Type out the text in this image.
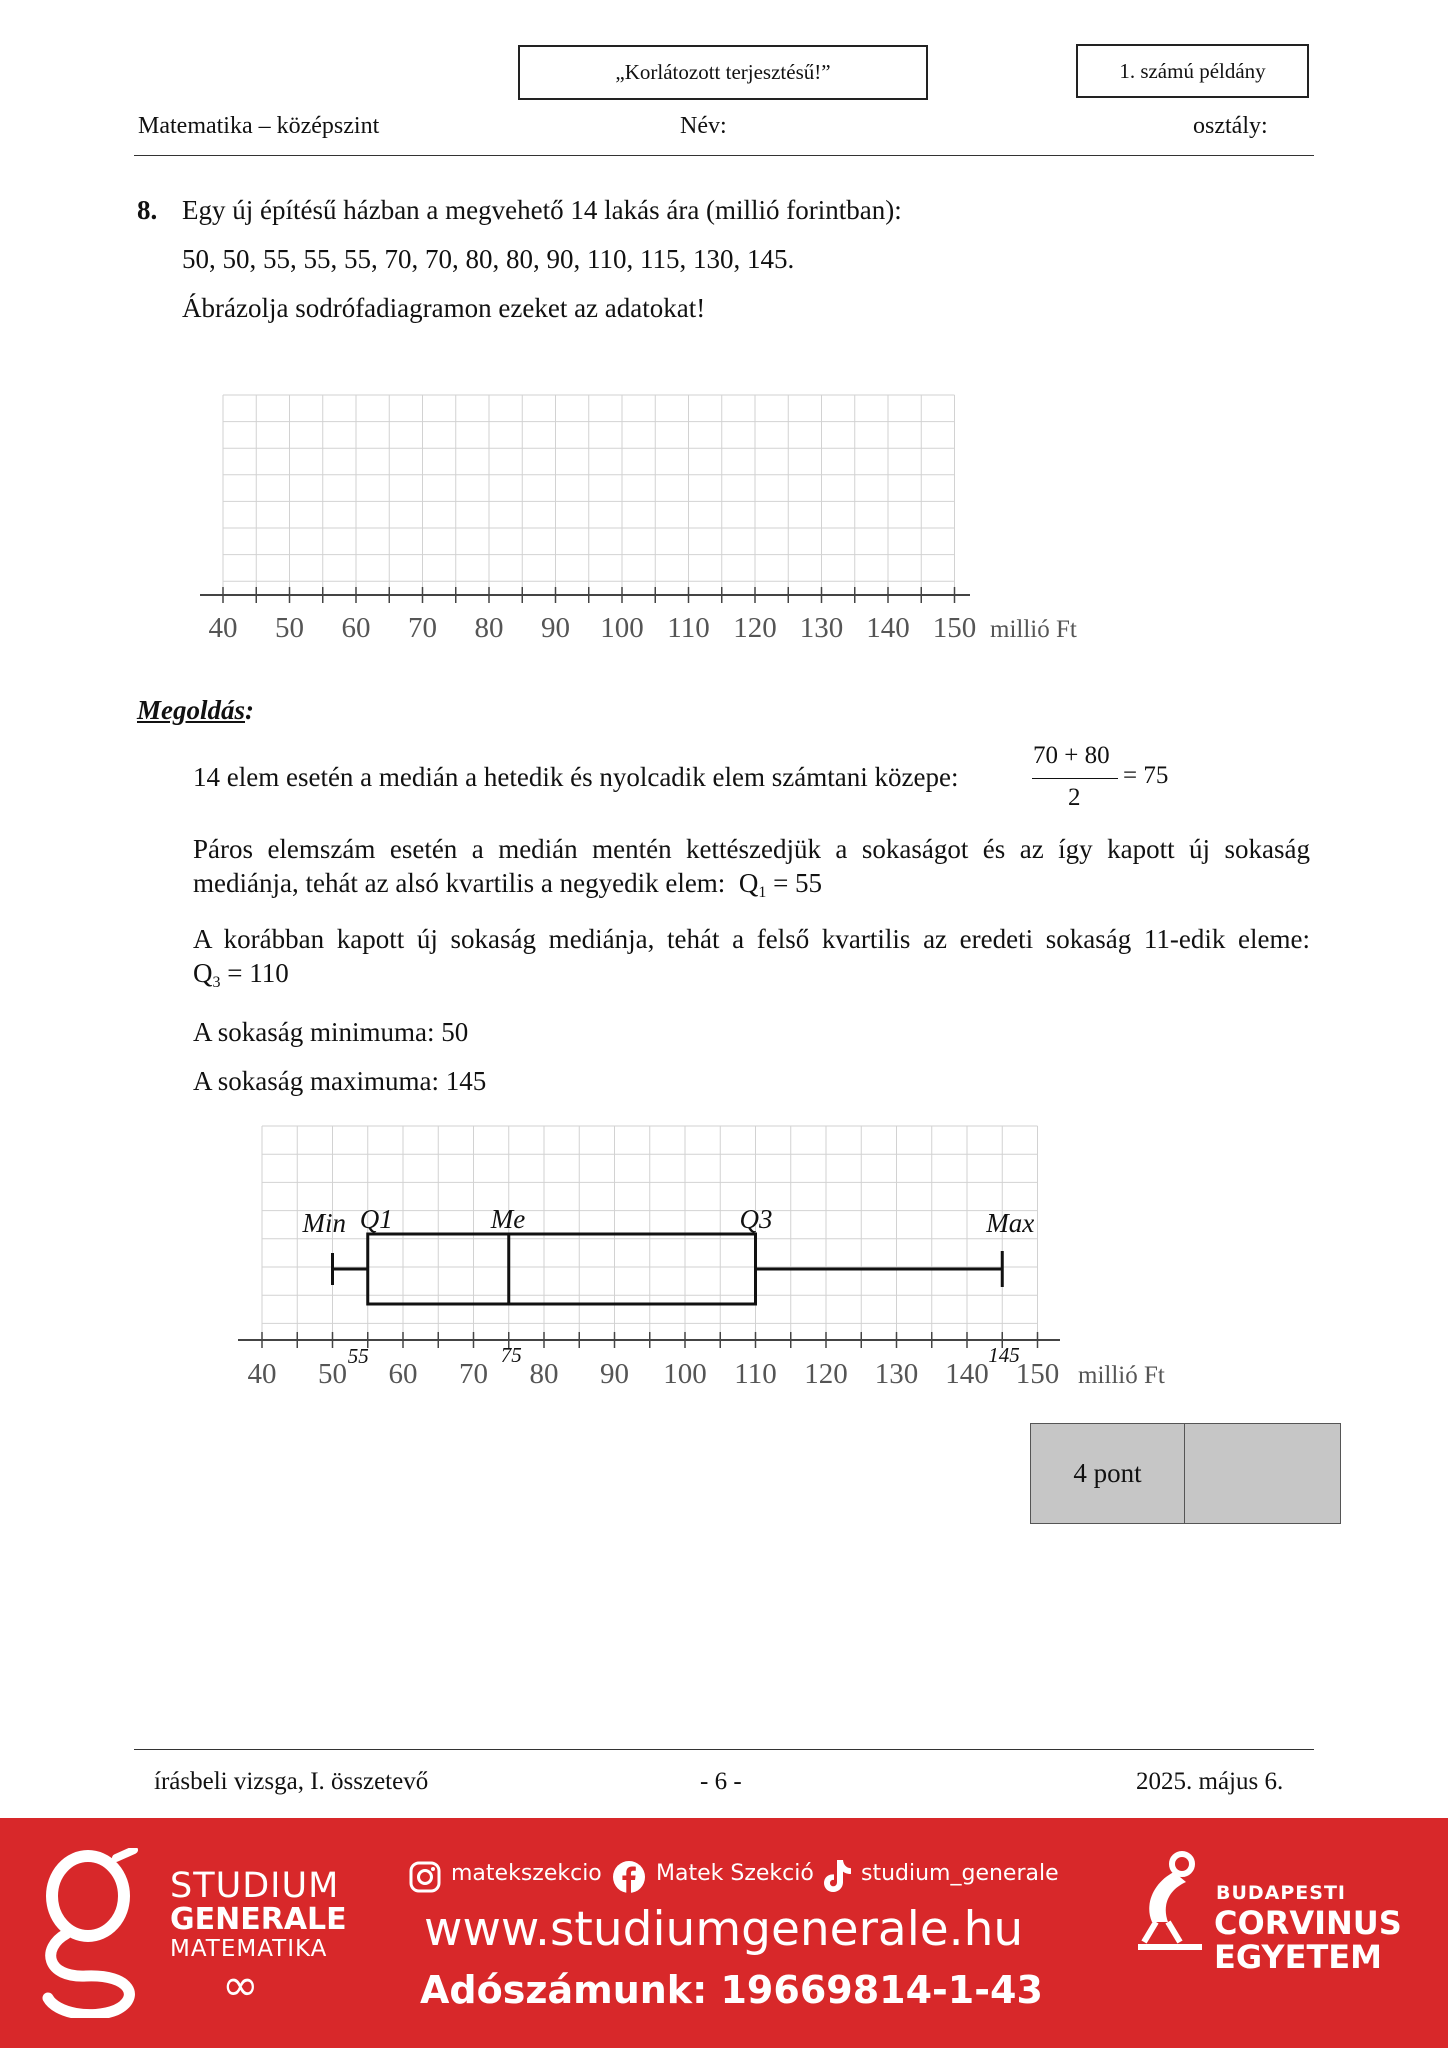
„Korlátozott terjesztésű!”	1. számú példány
Matematika – középszint	Név:	osztály:
8. Egy új építésű házban a megvehető 14 lakás ára (millió forintban):
50, 50, 55, 55, 55, 70, 70, 80, 80, 90, 110, 115, 130, 145.
Ábrázolja sodrófadiagramon ezeket az adatokat!
40 50 60 70 80 90 100 110 120 130 140 150 millió Ft
Megoldás:
14 elem esetén a medián a hetedik és nyolcadik elem számtani közepe:
70 + 80
2
= 75
Páros elemszám esetén a medián mentén kettészedjük a sokaságot és az így kapott új sokaság mediánja, tehát az alsó kvartilis a negyedik elem: $Q_1 = 55$
A korábban kapott új sokaság mediánja, tehát a felső kvartilis az eredeti sokaság 11-edik eleme: $Q_3 = 110$
A sokaság minimuma: 50
A sokaság maximuma: 145
40 50 60 70 80 90 100 110 120 130 140 150 millió Ft
Min Q1	Me	Q3	Max
55	75	145
4 pont
írásbeli vizsga, I. összetevő	- 6 -	2025. május 6.
STUDIUM
GENERALE
MATEMATIKA
∞
matekszekcio Matek Szekció studium_generale
www.studiumgenerale.hu
Adószámunk: 19669814-1-43
BUDAPESTI
CORVINUS
EGYETEM
